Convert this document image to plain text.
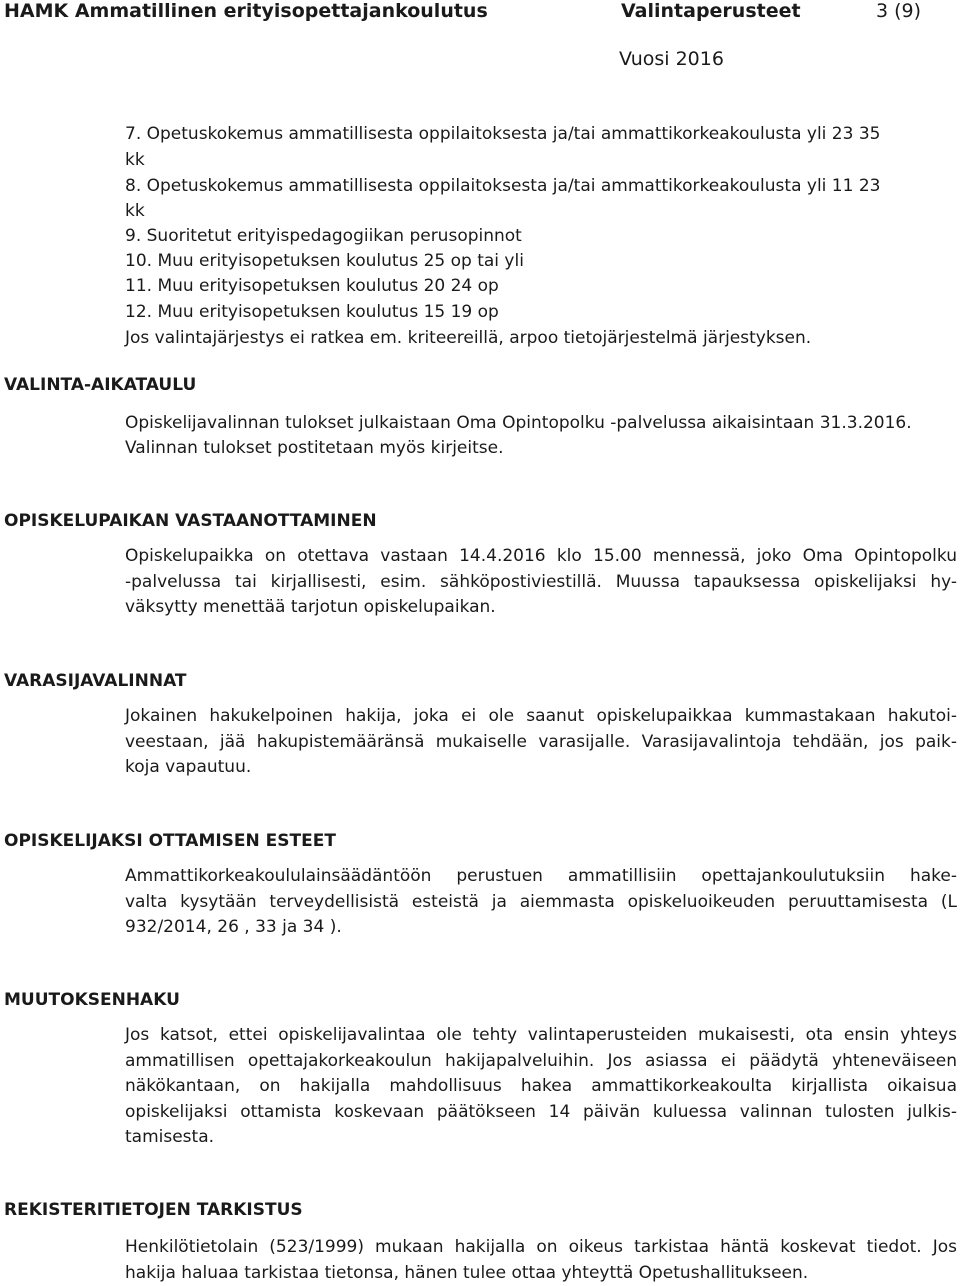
HAMK Ammatillinen erityisopettajankoulutus	Valintaperusteet	3 (9)
Vuosi 2016
7. Opetuskokemus ammatillisesta oppilaitoksesta ja/tai ammattikorkeakoulusta yli 23 35
kk
8. Opetuskokemus ammatillisesta oppilaitoksesta ja/tai ammattikorkeakoulusta yli 11 23
kk
9. Suoritetut erityispedagogiikan perusopinnot
10. Muu erityisopetuksen koulutus 25 op tai yli
11. Muu erityisopetuksen koulutus 20 24 op
12. Muu erityisopetuksen koulutus 15 19 op
Jos valintajärjestys ei ratkea em. kriteereillä, arpoo tietojärjestelmä järjestyksen.
VALINTA-AIKATAULU
Opiskelijavalinnan tulokset julkaistaan Oma Opintopolku -palvelussa aikaisintaan 31.3.2016.
Valinnan tulokset postitetaan myös kirjeitse.
OPISKELUPAIKAN VASTAANOTTAMINEN
Opiskelupaikka on otettava vastaan 14.4.2016 klo 15.00 mennessä, joko Oma Opintopolku
-palvelussa tai kirjallisesti, esim. sähköpostiviestillä. Muussa tapauksessa opiskelijaksi hy-
väksytty menettää tarjotun opiskelupaikan.
VARASIJAVALINNAT
Jokainen hakukelpoinen hakija, joka ei ole saanut opiskelupaikkaa kummastakaan hakutoi-
veestaan, jää hakupistemääränsä mukaiselle varasijalle. Varasijavalintoja tehdään, jos paik-
koja vapautuu.
OPISKELIJAKSI OTTAMISEN ESTEET
Ammattikorkeakoululainsäädäntöön perustuen ammatillisiin opettajankoulutuksiin hake-
valta kysytään terveydellisistä esteistä ja aiemmasta opiskeluoikeuden peruuttamisesta (L
932/2014, 26 , 33 ja 34 ).
MUUTOKSENHAKU
Jos katsot, ettei opiskelijavalintaa ole tehty valintaperusteiden mukaisesti, ota ensin yhteys
ammatillisen opettajakorkeakoulun hakijapalveluihin. Jos asiassa ei päädytä yhteneväiseen
näkökantaan, on hakijalla mahdollisuus hakea ammattikorkeakoulta kirjallista oikaisua
opiskelijaksi ottamista koskevaan päätökseen 14 päivän kuluessa valinnan tulosten julkis-
tamisesta.
REKISTERITIETOJEN TARKISTUS
Henkilötietolain (523/1999) mukaan hakijalla on oikeus tarkistaa häntä koskevat tiedot. Jos
hakija haluaa tarkistaa tietonsa, hänen tulee ottaa yhteyttä Opetushallitukseen.
